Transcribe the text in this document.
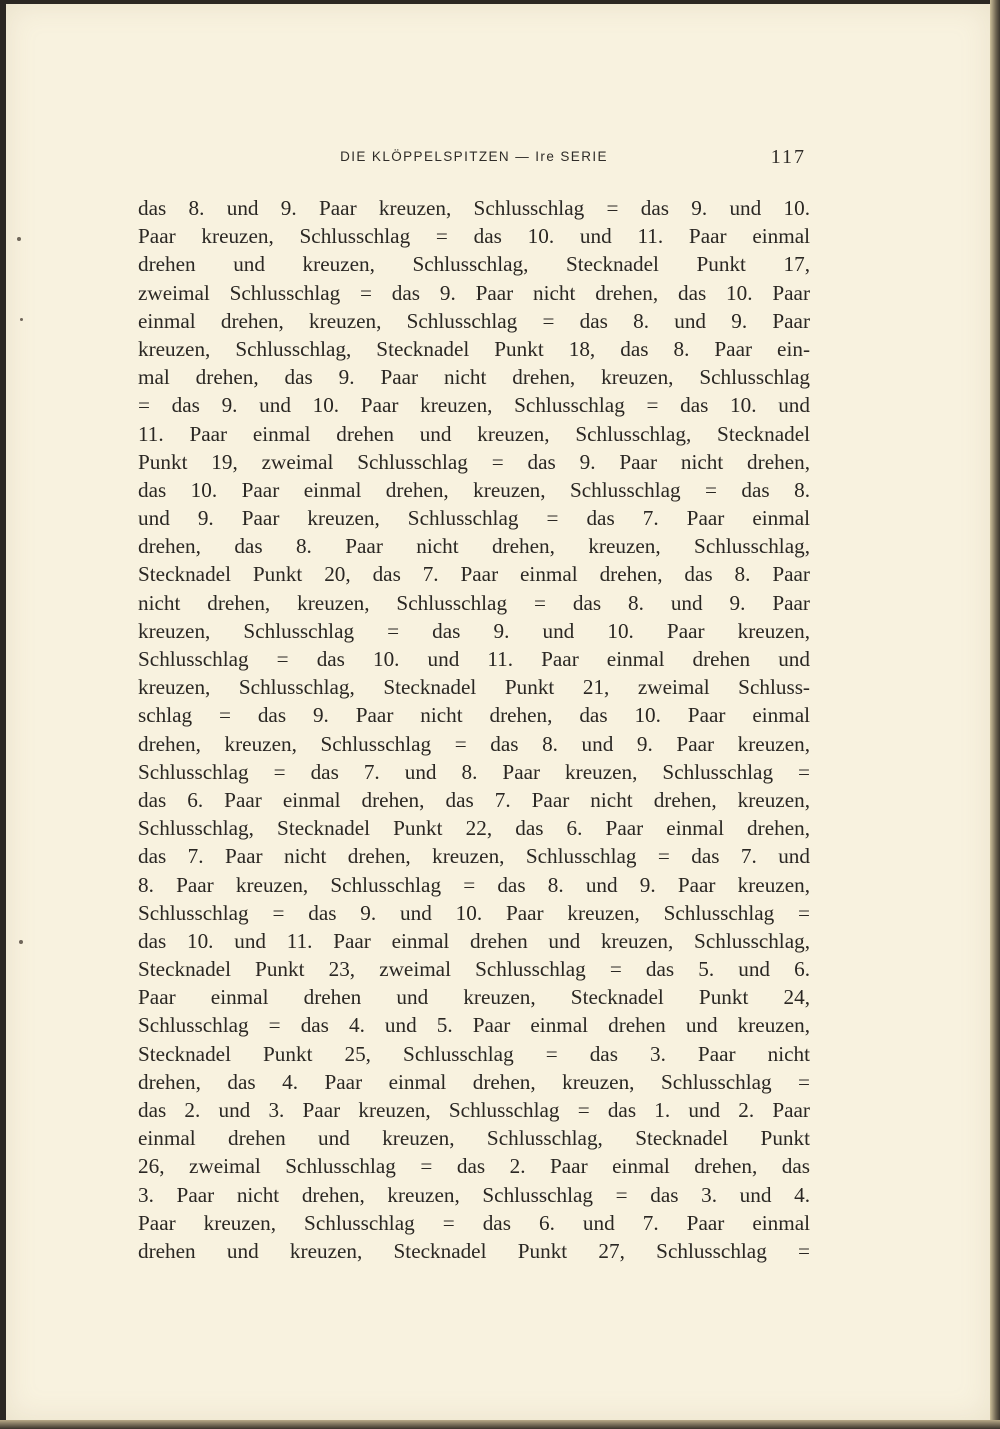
DIE KLÖPPELSPITZEN — Ire SERIE	117
das 8. und 9. Paar kreuzen, Schlusschlag = das 9. und 10.
Paar kreuzen, Schlusschlag = das 10. und 11. Paar einmal
drehen und kreuzen, Schlusschlag, Stecknadel Punkt 17,
zweimal Schlusschlag = das 9. Paar nicht drehen, das 10. Paar
einmal drehen, kreuzen, Schlusschlag = das 8. und 9. Paar
kreuzen, Schlusschlag, Stecknadel Punkt 18, das 8. Paar ein-
mal drehen, das 9. Paar nicht drehen, kreuzen, Schlusschlag
= das 9. und 10. Paar kreuzen, Schlusschlag = das 10. und
11. Paar einmal drehen und kreuzen, Schlusschlag, Stecknadel
Punkt 19, zweimal Schlusschlag = das 9. Paar nicht drehen,
das 10. Paar einmal drehen, kreuzen, Schlusschlag = das 8.
und 9. Paar kreuzen, Schlusschlag = das 7. Paar einmal
drehen, das 8. Paar nicht drehen, kreuzen, Schlusschlag,
Stecknadel Punkt 20, das 7. Paar einmal drehen, das 8. Paar
nicht drehen, kreuzen, Schlusschlag = das 8. und 9. Paar
kreuzen, Schlusschlag = das 9. und 10. Paar kreuzen,
Schlusschlag = das 10. und 11. Paar einmal drehen und
kreuzen, Schlusschlag, Stecknadel Punkt 21, zweimal Schluss-
schlag = das 9. Paar nicht drehen, das 10. Paar einmal
drehen, kreuzen, Schlusschlag = das 8. und 9. Paar kreuzen,
Schlusschlag = das 7. und 8. Paar kreuzen, Schlusschlag =
das 6. Paar einmal drehen, das 7. Paar nicht drehen, kreuzen,
Schlusschlag, Stecknadel Punkt 22, das 6. Paar einmal drehen,
das 7. Paar nicht drehen, kreuzen, Schlusschlag = das 7. und
8. Paar kreuzen, Schlusschlag = das 8. und 9. Paar kreuzen,
Schlusschlag = das 9. und 10. Paar kreuzen, Schlusschlag =
das 10. und 11. Paar einmal drehen und kreuzen, Schlusschlag,
Stecknadel Punkt 23, zweimal Schlusschlag = das 5. und 6.
Paar einmal drehen und kreuzen, Stecknadel Punkt 24,
Schlusschlag = das 4. und 5. Paar einmal drehen und kreuzen,
Stecknadel Punkt 25, Schlusschlag = das 3. Paar nicht
drehen, das 4. Paar einmal drehen, kreuzen, Schlusschlag =
das 2. und 3. Paar kreuzen, Schlusschlag = das 1. und 2. Paar
einmal drehen und kreuzen, Schlusschlag, Stecknadel Punkt
26, zweimal Schlusschlag = das 2. Paar einmal drehen, das
3. Paar nicht drehen, kreuzen, Schlusschlag = das 3. und 4.
Paar kreuzen, Schlusschlag = das 6. und 7. Paar einmal
drehen und kreuzen, Stecknadel Punkt 27, Schlusschlag =
